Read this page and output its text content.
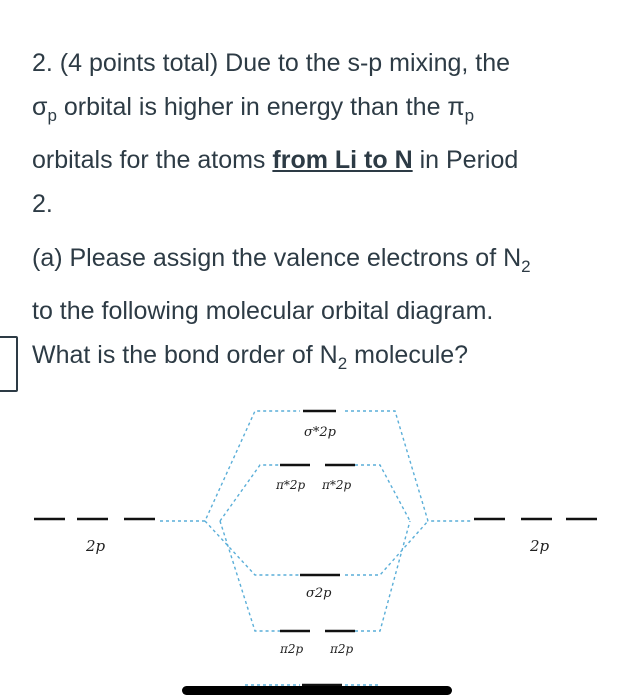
2. (4 points total) Due to the s-p mixing, the
$\sigma_p$ orbital is higher in energy than the $\pi_p$
orbitals for the atoms from Li to N in Period
2.

(a) Please assign the valence electrons of $N_2$
to the following molecular orbital diagram.
What is the bond order of $N_2$ molecule?

2p	2p
σ*2p
π*2p π*2p
σ2p
π2p π2p
